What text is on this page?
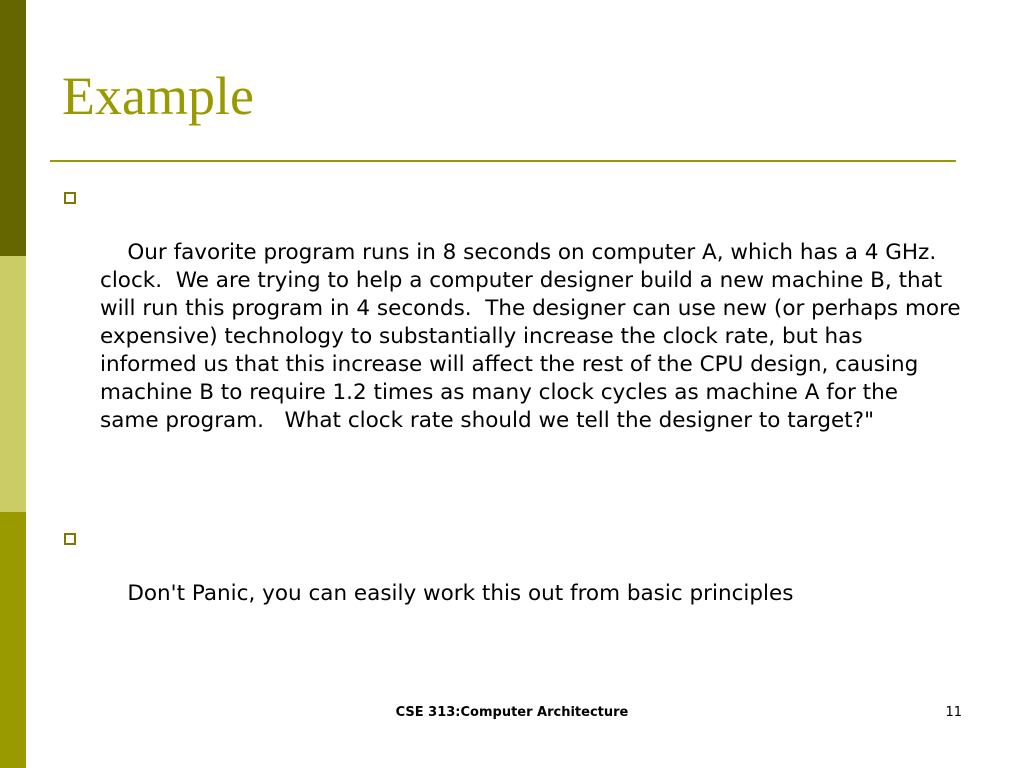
Example

Our favorite program runs in 8 seconds on computer A, which has a 4 GHz. clock.  We are trying to help a computer designer build a new machine B, that will run this program in 4 seconds.  The designer can use new (or perhaps more expensive) technology to substantially increase the clock rate, but has informed us that this increase will affect the rest of the CPU design, causing machine B to require 1.2 times as many clock cycles as machine A for the same program.   What clock rate should we tell the designer to target?"

Don't Panic, you can easily work this out from basic principles

CSE 313:Computer Architecture	11
